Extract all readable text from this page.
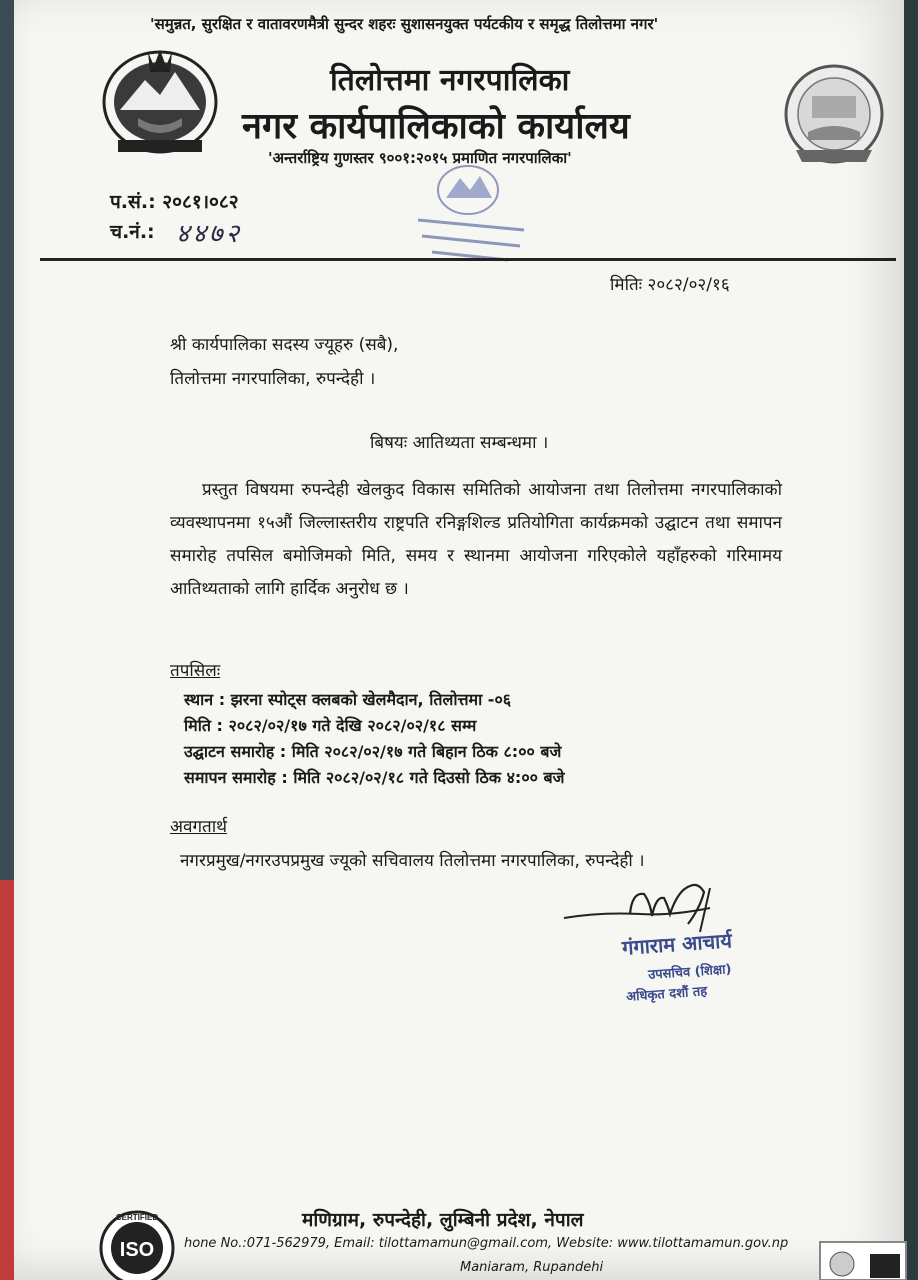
'समुन्नत, सुरक्षित र वातावरणमैत्री सुन्दर शहरः सुशासनयुक्त पर्यटकीय र समृद्ध तिलोत्तमा नगर'
तिलोत्तमा नगरपालिका
नगर कार्यपालिकाको कार्यालय
'अन्तर्राष्ट्रिय गुणस्तर ९००१:२०१५ प्रमाणित नगरपालिका'
प.सं.: २०८१।०८२
च.नं.: ४४७२
मितिः २०८२/०२/१६
श्री कार्यपालिका सदस्य ज्यूहरु (सबै),
तिलोत्तमा नगरपालिका, रुपन्देही ।
बिषयः आतिथ्यता सम्बन्धमा ।
प्रस्तुत विषयमा रुपन्देही खेलकुद विकास समितिको आयोजना तथा तिलोत्तमा नगरपालिकाको व्यवस्थापनमा १५औं जिल्लास्तरीय राष्ट्रपति रनिङ्गशिल्ड प्रतियोगिता कार्यक्रमको उद्घाटन तथा समापन समारोह तपसिल बमोजिमको मिति, समय र स्थानमा आयोजना गरिएकोले यहाँहरुको गरिमामय आतिथ्यताको लागि हार्दिक अनुरोध छ ।
तपसिलः
स्थान : झरना स्पोट्स क्लबको खेलमैदान, तिलोत्तमा -०६
मिति : २०८२/०२/१७ गते देखि २०८२/०२/१८ सम्म
उद्घाटन समारोह : मिति २०८२/०२/१७ गते बिहान ठिक ८:०० बजे
समापन समारोह : मिति २०८२/०२/१८ गते दिउसो ठिक ४:०० बजे
अवगतार्थ
नगरप्रमुख/नगरउपप्रमुख ज्यूको सचिवालय तिलोत्तमा नगरपालिका, रुपन्देही ।
गंगाराम आचार्य
उपसचिव (शिक्षा)
अधिकृत दशौं तह
ISO
CERTIFIED	मणिग्राम, रुपन्देही, लुम्बिनी प्रदेश, नेपाल
hone No.:071-562979, Email: tilottamamun@gmail.com, Website: www.tilottamamun.gov.np
Maniaram, Rupandehi
